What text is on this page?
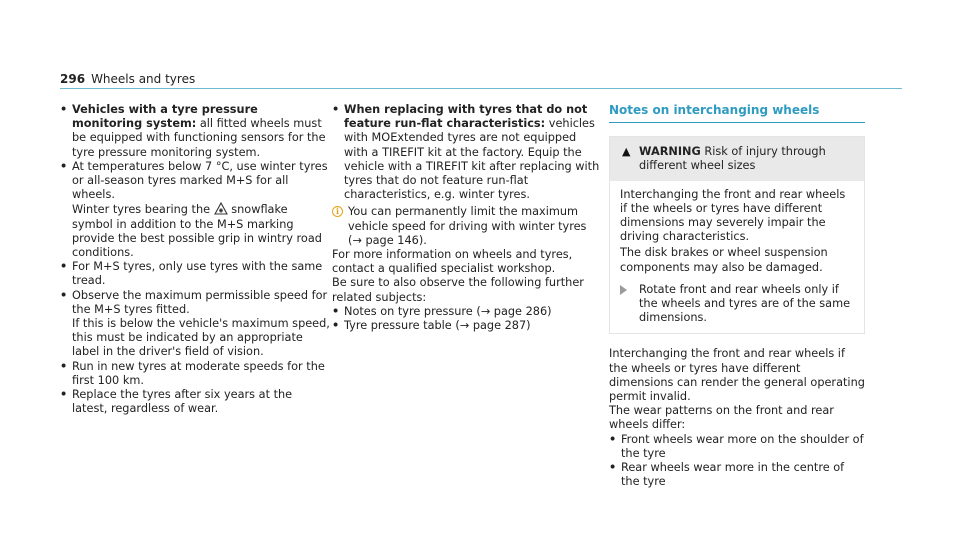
296 Wheels and tyres
• Vehicles with a tyre pressure monitoring system: all fitted wheels must be equipped with functioning sensors for the tyre pressure monitoring system.
• At temperatures below 7 °C, use winter tyres or all-season tyres marked M+S for all wheels.
Winter tyres bearing the  snowflake symbol in addition to the M+S marking provide the best possible grip in wintry road conditions.
• For M+S tyres, only use tyres with the same tread.
• Observe the maximum permissible speed for the M+S tyres fitted.
If this is below the vehicle's maximum speed, this must be indicated by an appropriate label in the driver's field of vision.
• Run in new tyres at moderate speeds for the first 100 km.
• Replace the tyres after six years at the latest, regardless of wear.
• When replacing with tyres that do not feature run-flat characteristics: vehicles with MOExtended tyres are not equipped with a TIREFIT kit at the factory. Equip the vehicle with a TIREFIT kit after replacing with tyres that do not feature run-flat characteristics, e.g. winter tyres.
i You can permanently limit the maximum vehicle speed for driving with winter tyres (→ page 146).

For more information on wheels and tyres, contact a qualified specialist workshop.

Be sure to also observe the following further related subjects:

• Notes on tyre pressure (→ page 286)
• Tyre pressure table (→ page 287)
Notes on interchanging wheels
▲ WARNING Risk of injury through different wheel sizes

Interchanging the front and rear wheels if the wheels or tyres have different dimensions may severely impair the driving characteristics.

The disk brakes or wheel suspension components may also be damaged.

Rotate front and rear wheels only if the wheels and tyres are of the same dimensions.

Interchanging the front and rear wheels if the wheels or tyres have different dimensions can render the general operating permit invalid.

The wear patterns on the front and rear wheels differ:

• Front wheels wear more on the shoulder of the tyre
• Rear wheels wear more in the centre of the tyre
